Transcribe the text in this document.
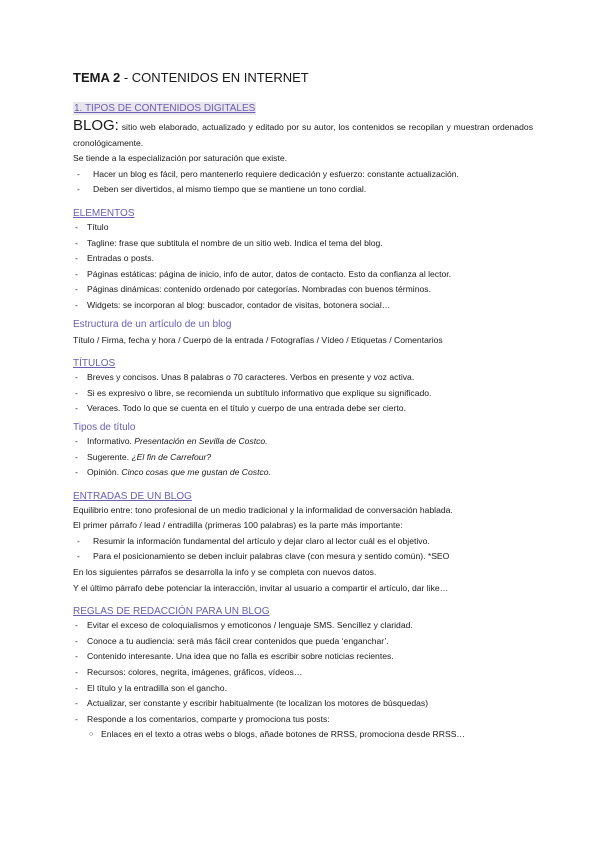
TEMA 2 - CONTENIDOS EN INTERNET
1. TIPOS DE CONTENIDOS DIGITALES
BLOG: sitio web elaborado, actualizado y editado por su autor, los contenidos se recopilan y muestran ordenados cronológicamente.
Se tiende a la especialización por saturación que existe.
- Hacer un blog es fácil, pero mantenerlo requiere dedicación y esfuerzo: constante actualización.
- Deben ser divertidos, al mismo tiempo que se mantiene un tono cordial.
ELEMENTOS
- Título
- Tagline: frase que subtitula el nombre de un sitio web. Indica el tema del blog.
- Entradas o posts.
- Páginas estáticas: página de inicio, info de autor, datos de contacto. Esto da confianza al lector.
- Páginas dinámicas: contenido ordenado por categorías. Nombradas con buenos términos.
- Widgets: se incorporan al blog: buscador, contador de visitas, botonera social…
Estructura de un artículo de un blog
Título / Firma, fecha y hora / Cuerpo de la entrada / Fotografías / Vídeo / Etiquetas / Comentarios
TÍTULOS
- Breves y concisos. Unas 8 palabras o 70 caracteres. Verbos en presente y voz activa.
- Si es expresivo o libre, se recomienda un subtítulo informativo que explique su significado.
- Veraces. Todo lo que se cuenta en el título y cuerpo de una entrada debe ser cierto.
Tipos de título
- Informativo. Presentación en Sevilla de Costco.
- Sugerente. ¿El fin de Carrefour?
- Opinión. Cinco cosas que me gustan de Costco.
ENTRADAS DE UN BLOG
Equilibrio entre: tono profesional de un medio tradicional y la informalidad de conversación hablada.
El primer párrafo / lead / entradilla (primeras 100 palabras) es la parte más importante:
- Resumir la información fundamental del artículo y dejar claro al lector cuál es el objetivo.
- Para el posicionamiento se deben incluir palabras clave (con mesura y sentido común). *SEO
En los siguientes párrafos se desarrolla la info y se completa con nuevos datos.
Y el último párrafo debe potenciar la interacción, invitar al usuario a compartir el artículo, dar like…
REGLAS DE REDACCIÓN PARA UN BLOG
- Evitar el exceso de coloquialismos y emoticonos / lenguaje SMS. Sencillez y claridad.
- Conoce a tu audiencia: será más fácil crear contenidos que pueda ‘enganchar’.
- Contenido interesante. Una idea que no falla es escribir sobre noticias recientes.
- Recursos: colores, negrita, imágenes, gráficos, vídeos…
- El título y la entradilla son el gancho.
- Actualizar, ser constante y escribir habitualmente (te localizan los motores de búsquedas)
- Responde a los comentarios, comparte y promociona tus posts:
○ Enlaces en el texto a otras webs o blogs, añade botones de RRSS, promociona desde RRSS…
